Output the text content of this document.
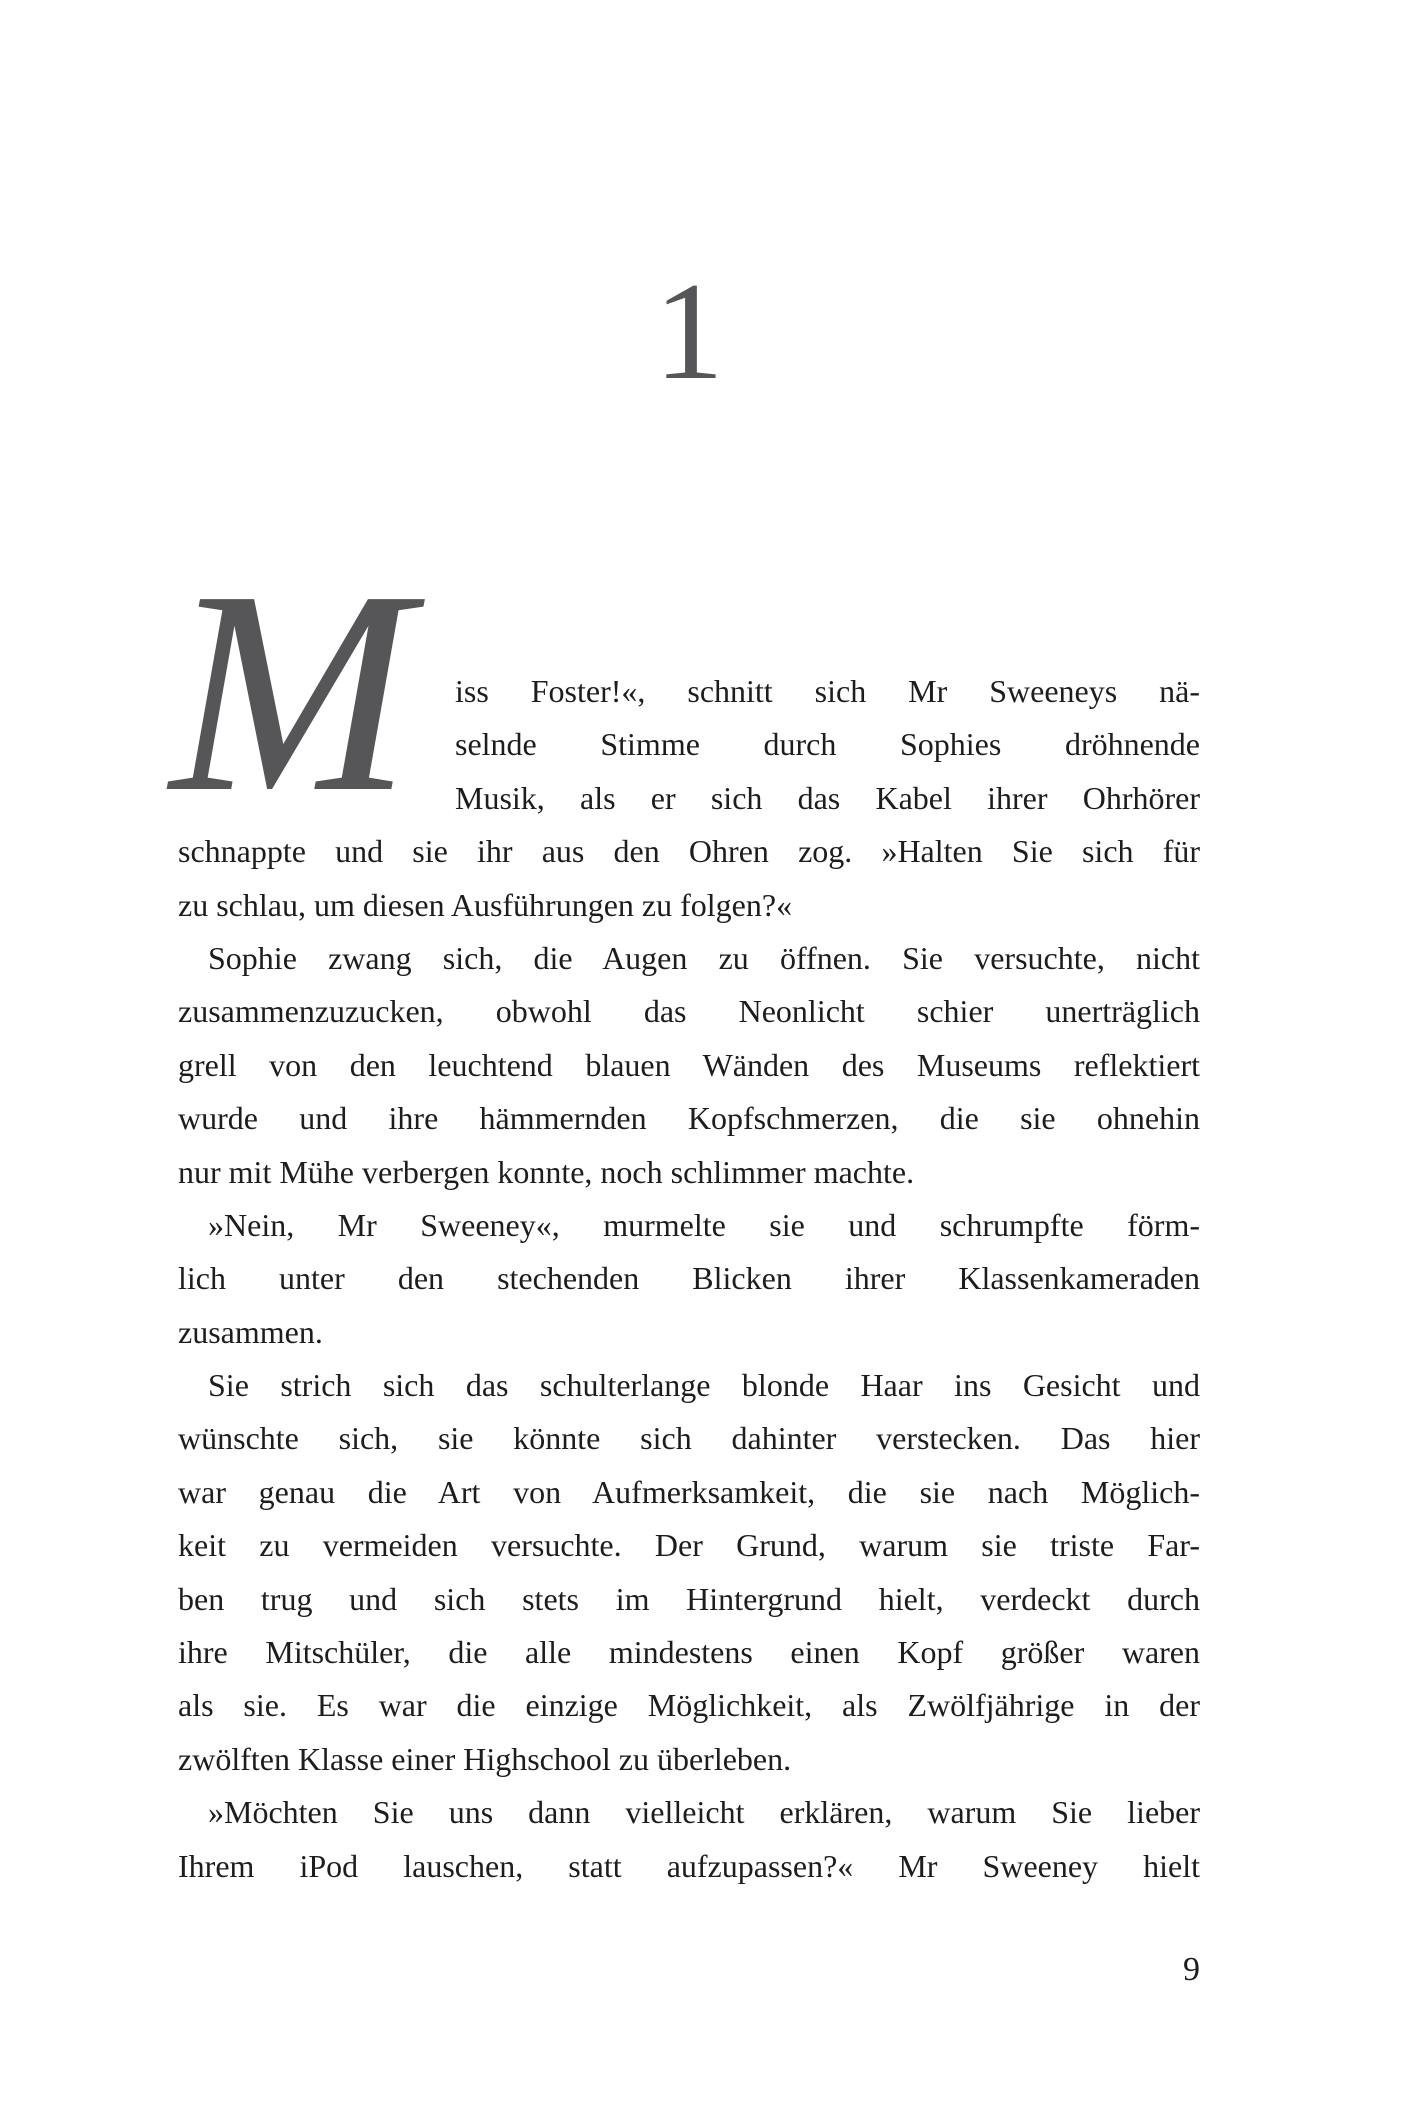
1
M iss Foster!«, schnitt sich Mr Sweeneys nä-
selnde Stimme durch Sophies dröhnende
Musik, als er sich das Kabel ihrer Ohrhörer
schnappte und sie ihr aus den Ohren zog. »Halten Sie sich für
zu schlau, um diesen Ausführungen zu folgen?«
Sophie zwang sich, die Augen zu öffnen. Sie versuchte, nicht
zusammenzuzucken, obwohl das Neonlicht schier unerträglich
grell von den leuchtend blauen Wänden des Museums reflektiert
wurde und ihre hämmernden Kopfschmerzen, die sie ohnehin
nur mit Mühe verbergen konnte, noch schlimmer machte.
»Nein, Mr Sweeney«, murmelte sie und schrumpfte förm-
lich unter den stechenden Blicken ihrer Klassenkameraden
zusammen.
Sie strich sich das schulterlange blonde Haar ins Gesicht und
wünschte sich, sie könnte sich dahinter verstecken. Das hier
war genau die Art von Aufmerksamkeit, die sie nach Möglich-
keit zu vermeiden versuchte. Der Grund, warum sie triste Far-
ben trug und sich stets im Hintergrund hielt, verdeckt durch
ihre Mitschüler, die alle mindestens einen Kopf größer waren
als sie. Es war die einzige Möglichkeit, als Zwölfjährige in der
zwölften Klasse einer Highschool zu überleben.
»Möchten Sie uns dann vielleicht erklären, warum Sie lieber
Ihrem iPod lauschen, statt aufzupassen?« Mr Sweeney hielt
9
